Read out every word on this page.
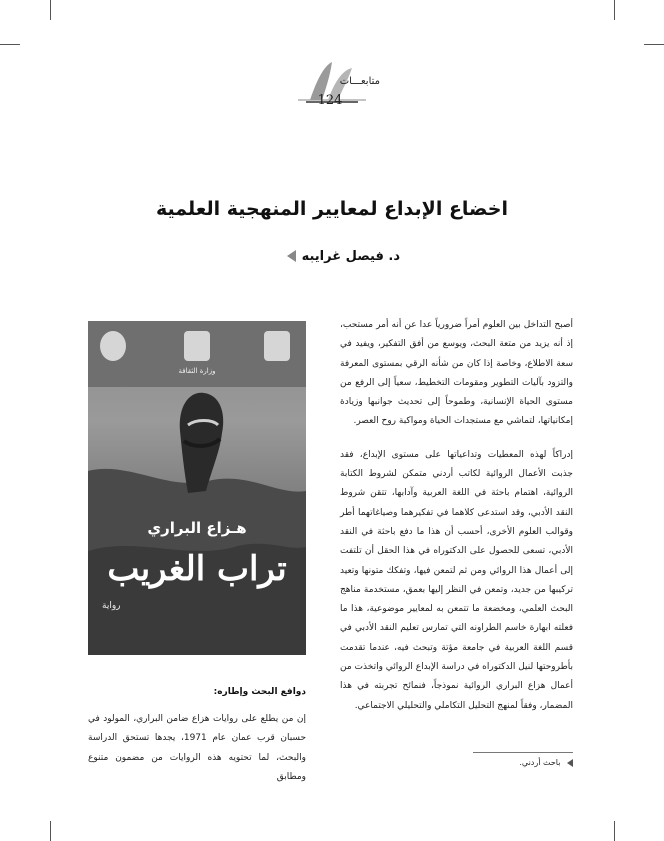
متابعـــات
124
اخضاع الإبداع لمعايير المنهجية العلمية
د. فيصل غرايبه

أصبح التداخل بين العلوم أمراً ضرورياً عدا عن أنه أمر مستحب، إذ أنه يزيد من متعة البحث، ويوسع من أفق التفكير، ويفيد في سعة الاطلاع، وخاصة إذا كان من شأنه الرقي بمستوى المعرفة والتزود بآليات التطوير ومقومات التخطيط، سعياً إلى الرفع من مستوى الحياة الإنسانية، وطموحاً إلى تحديث جوانبها وزيادة إمكانياتها، لتماشي مع مستجدات الحياة ومواكبة روح العصر.

إدراكاً لهذه المعطيات وتداعياتها على مستوى الإبداع، فقد جذبت الأعمال الروائية لكاتب أردني متمكن لشروط الكتابة الروائية، اهتمام باحثة في اللغة العربية وآدابها، تتقن شروط النقد الأدبي، وقد استدعى كلاهما في تفكيرهما وصياغاتهما أطر وقوالب العلوم الأخرى، أحسب أن هذا ما دفع باحثة في النقد الأدبي، تسعى للحصول على الدكتوراه في هذا الحقل أن تلتفت إلى أعمال هذا الروائي ومن ثم لتمعن فيها، وتفكك متونها وتعيد تركيبها من جديد، وتمعن في النظر إليها بعمق، مستخدمة مناهج البحث العلمي، ومخضعة ما تتمعن به لمعايير موضوعية، هذا ما فعلته ابهارة خاسم الطراونه التي تمارس تعليم النقد الأدبي في قسم اللغة العربية في جامعة مؤتة وتبحث فيه، عندما تقدمت بأطروحتها لنيل الدكتوراه في دراسة الإبداع الروائي واتخذت من أعمال هزاع البراري الروائية نموذجاً، فنمائح تجربته في هذا المضمار، وفقاً لمنهج التحليل التكاملي والتحليلي الاجتماعي.

وزارة الثقافة
هـزاع البراري
تراب الغريب
رواية
دوافع البحث وإطاره:

إن من يطلع على روايات هزاع ضامن البراري، المولود في حسبان قرب عمان عام 1971، يجدها تستحق الدراسة والبحث، لما تحتويه هذه الروايات من مضمون متنوع ومطابق

باحث أردني.
